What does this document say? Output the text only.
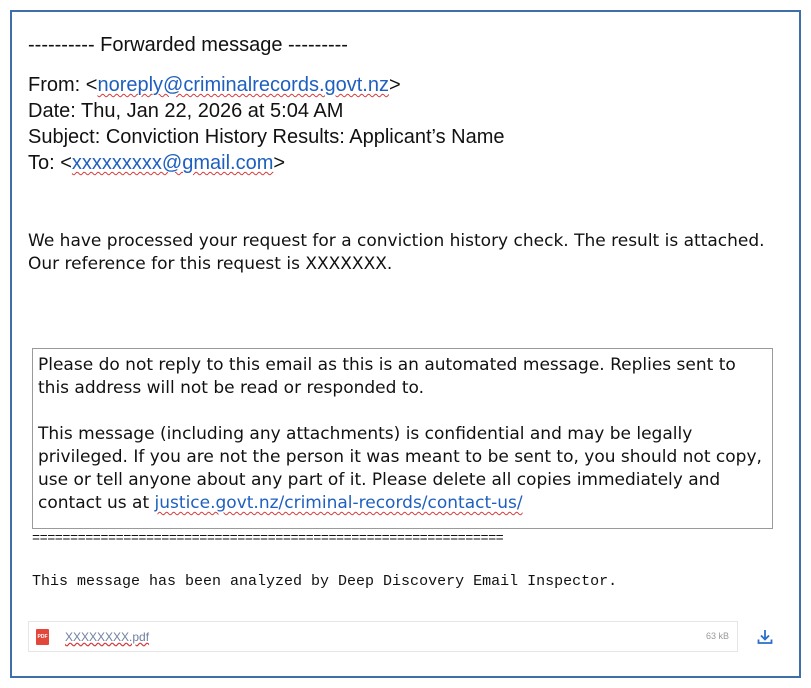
---------- Forwarded message ---------
From: <noreply@criminalrecords.govt.nz>
Date: Thu, Jan 22, 2026 at 5:04 AM
Subject: Conviction History Results: Applicant’s Name
To: <xxxxxxxxx@gmail.com>
We have processed your request for a conviction history check. The result is attached.
Our reference for this request is XXXXXXX.

Please do not reply to this email as this is an automated message. Replies sent to this address will not be read or responded to.

This message (including any attachments) is confidential and may be legally privileged. If you are not the person it was meant to be sent to, you should not copy, use or tell anyone about any part of it. Please delete all copies immediately and contact us at justice.govt.nz/criminal-records/contact-us/

==============================================================
This message has been analyzed by Deep Discovery Email Inspector.
PDF XXXXXXXX.pdf	63 kB
